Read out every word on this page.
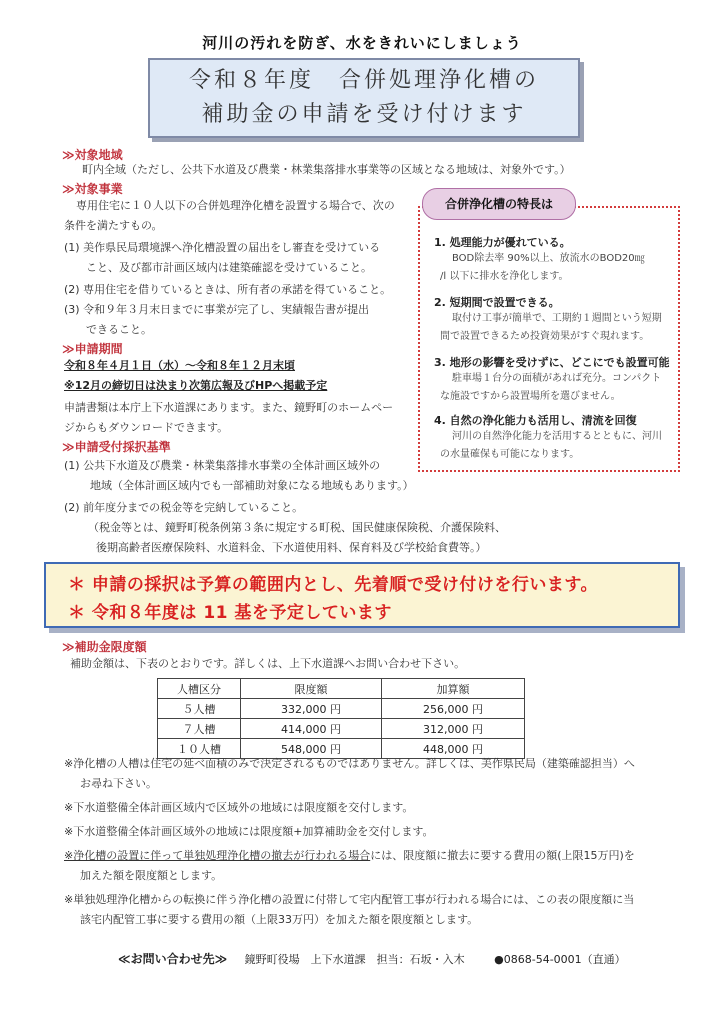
河川の汚れを防ぎ、水をきれいにしましょう
令和８年度　合併処理浄化槽の
補助金の申請を受け付けます
≫対象地域
町内全域（ただし、公共下水道及び農業・林業集落排水事業等の区域となる地域は、対象外です。）
≫対象事業
専用住宅に１０人以下の合併処理浄化槽を設置する場合で、次の
条件を満たすもの。
(1) 美作県民局環境課へ浄化槽設置の届出をし審査を受けている
こと、及び都市計画区域内は建築確認を受けていること。
(2) 専用住宅を借りているときは、所有者の承諾を得ていること。
(3) 令和９年３月末日までに事業が完了し、実績報告書が提出
できること。
≫申請期間
令和８年４月１日（水）～令和８年１２月末頃
※12月の締切日は決まり次第広報及びHPへ掲載予定
申請書類は本庁上下水道課にあります。また、鏡野町のホームペー
ジからもダウンロードできます。
≫申請受付採択基準
(1) 公共下水道及び農業・林業集落排水事業の全体計画区域外の
地域（全体計画区域内でも一部補助対象になる地域もあります。）
(2) 前年度分までの税金等を完納していること。
（税金等とは、鏡野町税条例第３条に規定する町税、国民健康保険税、介護保険料、
後期高齢者医療保険料、水道料金、下水道使用料、保育料及び学校給食費等。）
合併浄化槽の特長は
1. 処理能力が優れている。
BOD除去率 90%以上、放流水のBOD20㎎
/l 以下に排水を浄化します。
2. 短期間で設置できる。
取付け工事が簡単で、工期約１週間という短期
間で設置できるため投資効果がすぐ現れます。
3. 地形の影響を受けずに、どこにでも設置可能
駐車場１台分の面積があれば充分。コンパクト
な施設ですから設置場所を選びません。
4. 自然の浄化能力も活用し、清流を回復
河川の自然浄化能力を活用するとともに、河川
の水量確保も可能になります。
＊ 申請の採択は予算の範囲内とし、先着順で受け付けを行います。
＊ 令和８年度は 11 基を予定しています
≫補助金限度額
補助金額は、下表のとおりです。詳しくは、上下水道課へお問い合わせ下さい。
人槽区分	限度額	加算額
５人槽	332,000 円	256,000 円
７人槽	414,000 円	312,000 円
１０人槽	548,000 円	448,000 円
※浄化槽の人槽は住宅の延べ面積のみで決定されるものではありません。詳しくは、美作県民局（建築確認担当）へ
お尋ね下さい。
※下水道整備全体計画区域内で区域外の地域には限度額を交付します。
※下水道整備全体計画区域外の地域には限度額+加算補助金を交付します。
※浄化槽の設置に伴って単独処理浄化槽の撤去が行われる場合には、限度額に撤去に要する費用の額(上限15万円)を
加えた額を限度額とします。
※単独処理浄化槽からの転換に伴う浄化槽の設置に付帯して宅内配管工事が行われる場合には、この表の限度額に当
該宅内配管工事に要する費用の額（上限33万円）を加えた額を限度額とします。
≪お問い合わせ先≫ 鏡野町役場　上下水道課　担当：石坂・入木	●0868-54-0001（直通）
